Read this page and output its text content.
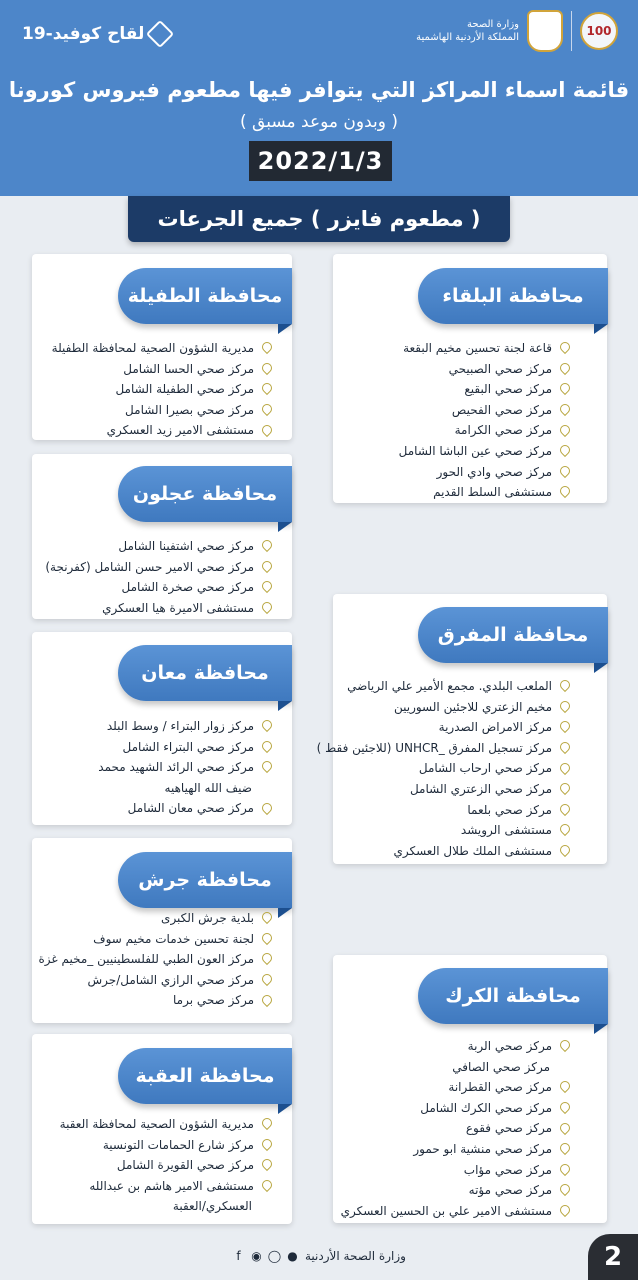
100
وزارة الصحة
المملكة الأردنية الهاشمية
لقاح كوفيد-19
قائمة اسماء المراكز التي يتوافر فيها مطعوم فيروس كورونا
( وبدون موعد مسبق )
2022/1/3
( مطعوم فايزر ) جميع الجرعات
محافظة البلقاء
قاعة لجنة تحسين مخيم البقعة
مركز صحي الصبيحي
مركز صحي البقيع
مركز صحي الفحيص
مركز صحي الكرامة
مركز صحي عين الباشا الشامل
مركز صحي وادي الحور
مستشفى السلط القديم
محافظة الطفيلة
مديرية الشؤون الصحية لمحافظة الطفيلة
مركز صحي الحسا الشامل
مركز صحي الطفيلة الشامل
مركز صحي بصيرا الشامل
مستشفى الامير زيد العسكري
محافظة عجلون
مركز صحي اشتفينا الشامل
مركز صحي الامير حسن الشامل (كفرنجة)
مركز صحي صخرة الشامل
مستشفى الاميرة هيا العسكري
محافظة المفرق
الملعب البلدي. مجمع الأمير علي الرياضي
مخيم الزعتري للاجئين السوريين
مركز الامراض الصدرية
مركز تسجيل المفرق _UNHCR (للاجئين فقط )
مركز صحي ارحاب الشامل
مركز صحي الزعتري الشامل
مركز صحي بلعما
مستشفى الرويشد
مستشفى الملك طلال العسكري
محافظة معان
مركز زوار البتراء / وسط البلد
مركز صحي البتراء الشامل
مركز صحي الرائد الشهيد محمد
ضيف الله الهياهيه
مركز صحي معان الشامل
محافظة جرش
بلدية جرش الكبرى
لجنة تحسين خدمات مخيم سوف
مركز العون الطبي للفلسطينيين _مخيم غزة
مركز صحي الرازي الشامل/جرش
مركز صحي برما	محافظة الكرك
مركز صحي الربة
مركز صحي الصافي
مركز صحي القطرانة
مركز صحي الكرك الشامل
مركز صحي فقوع
مركز صحي منشية ابو حمور
مركز صحي مؤاب
مركز صحي مؤته
مستشفى الامير علي بن الحسين العسكري
محافظة العقبة
مديرية الشؤون الصحية لمحافظة العقبة
مركز شارع الحمامات التونسية
مركز صحي القويرة الشامل
مستشفى الامير هاشم بن عبدالله
العسكري/العقبة
وزارة الصحة الأردنية
f ◉ ◯ ●	2
